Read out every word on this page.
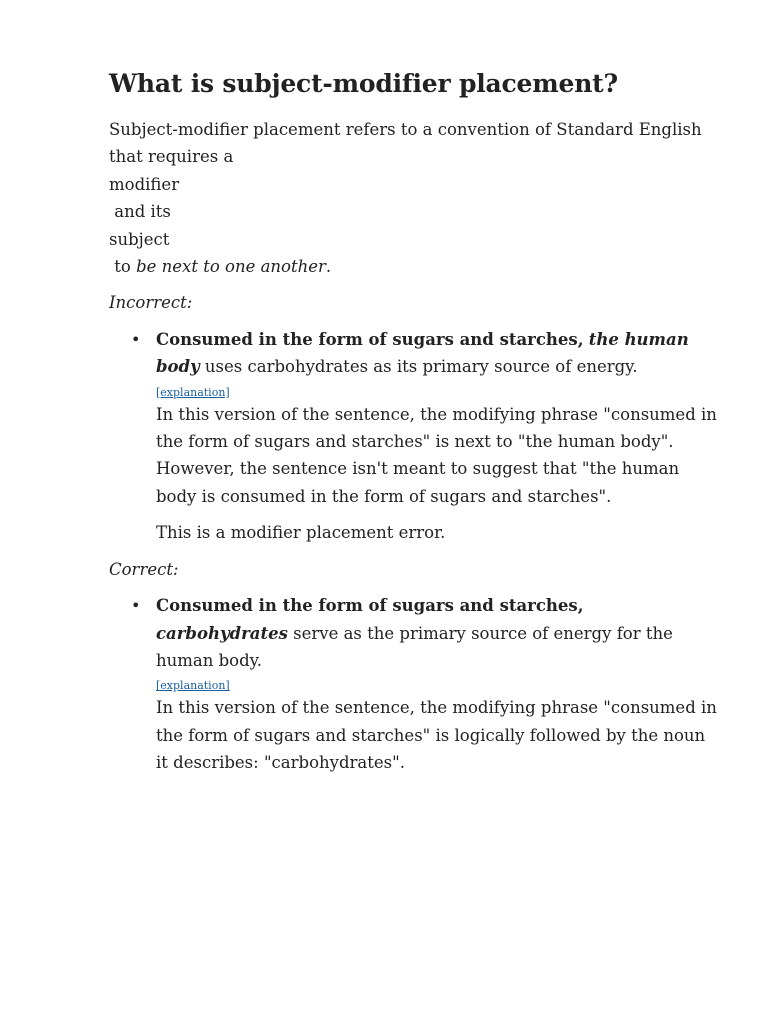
What is subject-modifier placement?
Subject-modifier placement refers to a convention of Standard English that requires a
modifier
and its
subject
to be next to one another.

Incorrect:

• Consumed in the form of sugars and starches, the human body uses carbohydrates as its primary source of energy.

[explanation]

In this version of the sentence, the modifying phrase "consumed in the form of sugars and starches" is next to "the human body". However, the sentence isn't meant to suggest that "the human body is consumed in the form of sugars and starches".

This is a modifier placement error.

Correct:

• Consumed in the form of sugars and starches, carbohydrates serve as the primary source of energy for the human body.

[explanation]

In this version of the sentence, the modifying phrase "consumed in the form of sugars and starches" is logically followed by the noun it describes: "carbohydrates".
